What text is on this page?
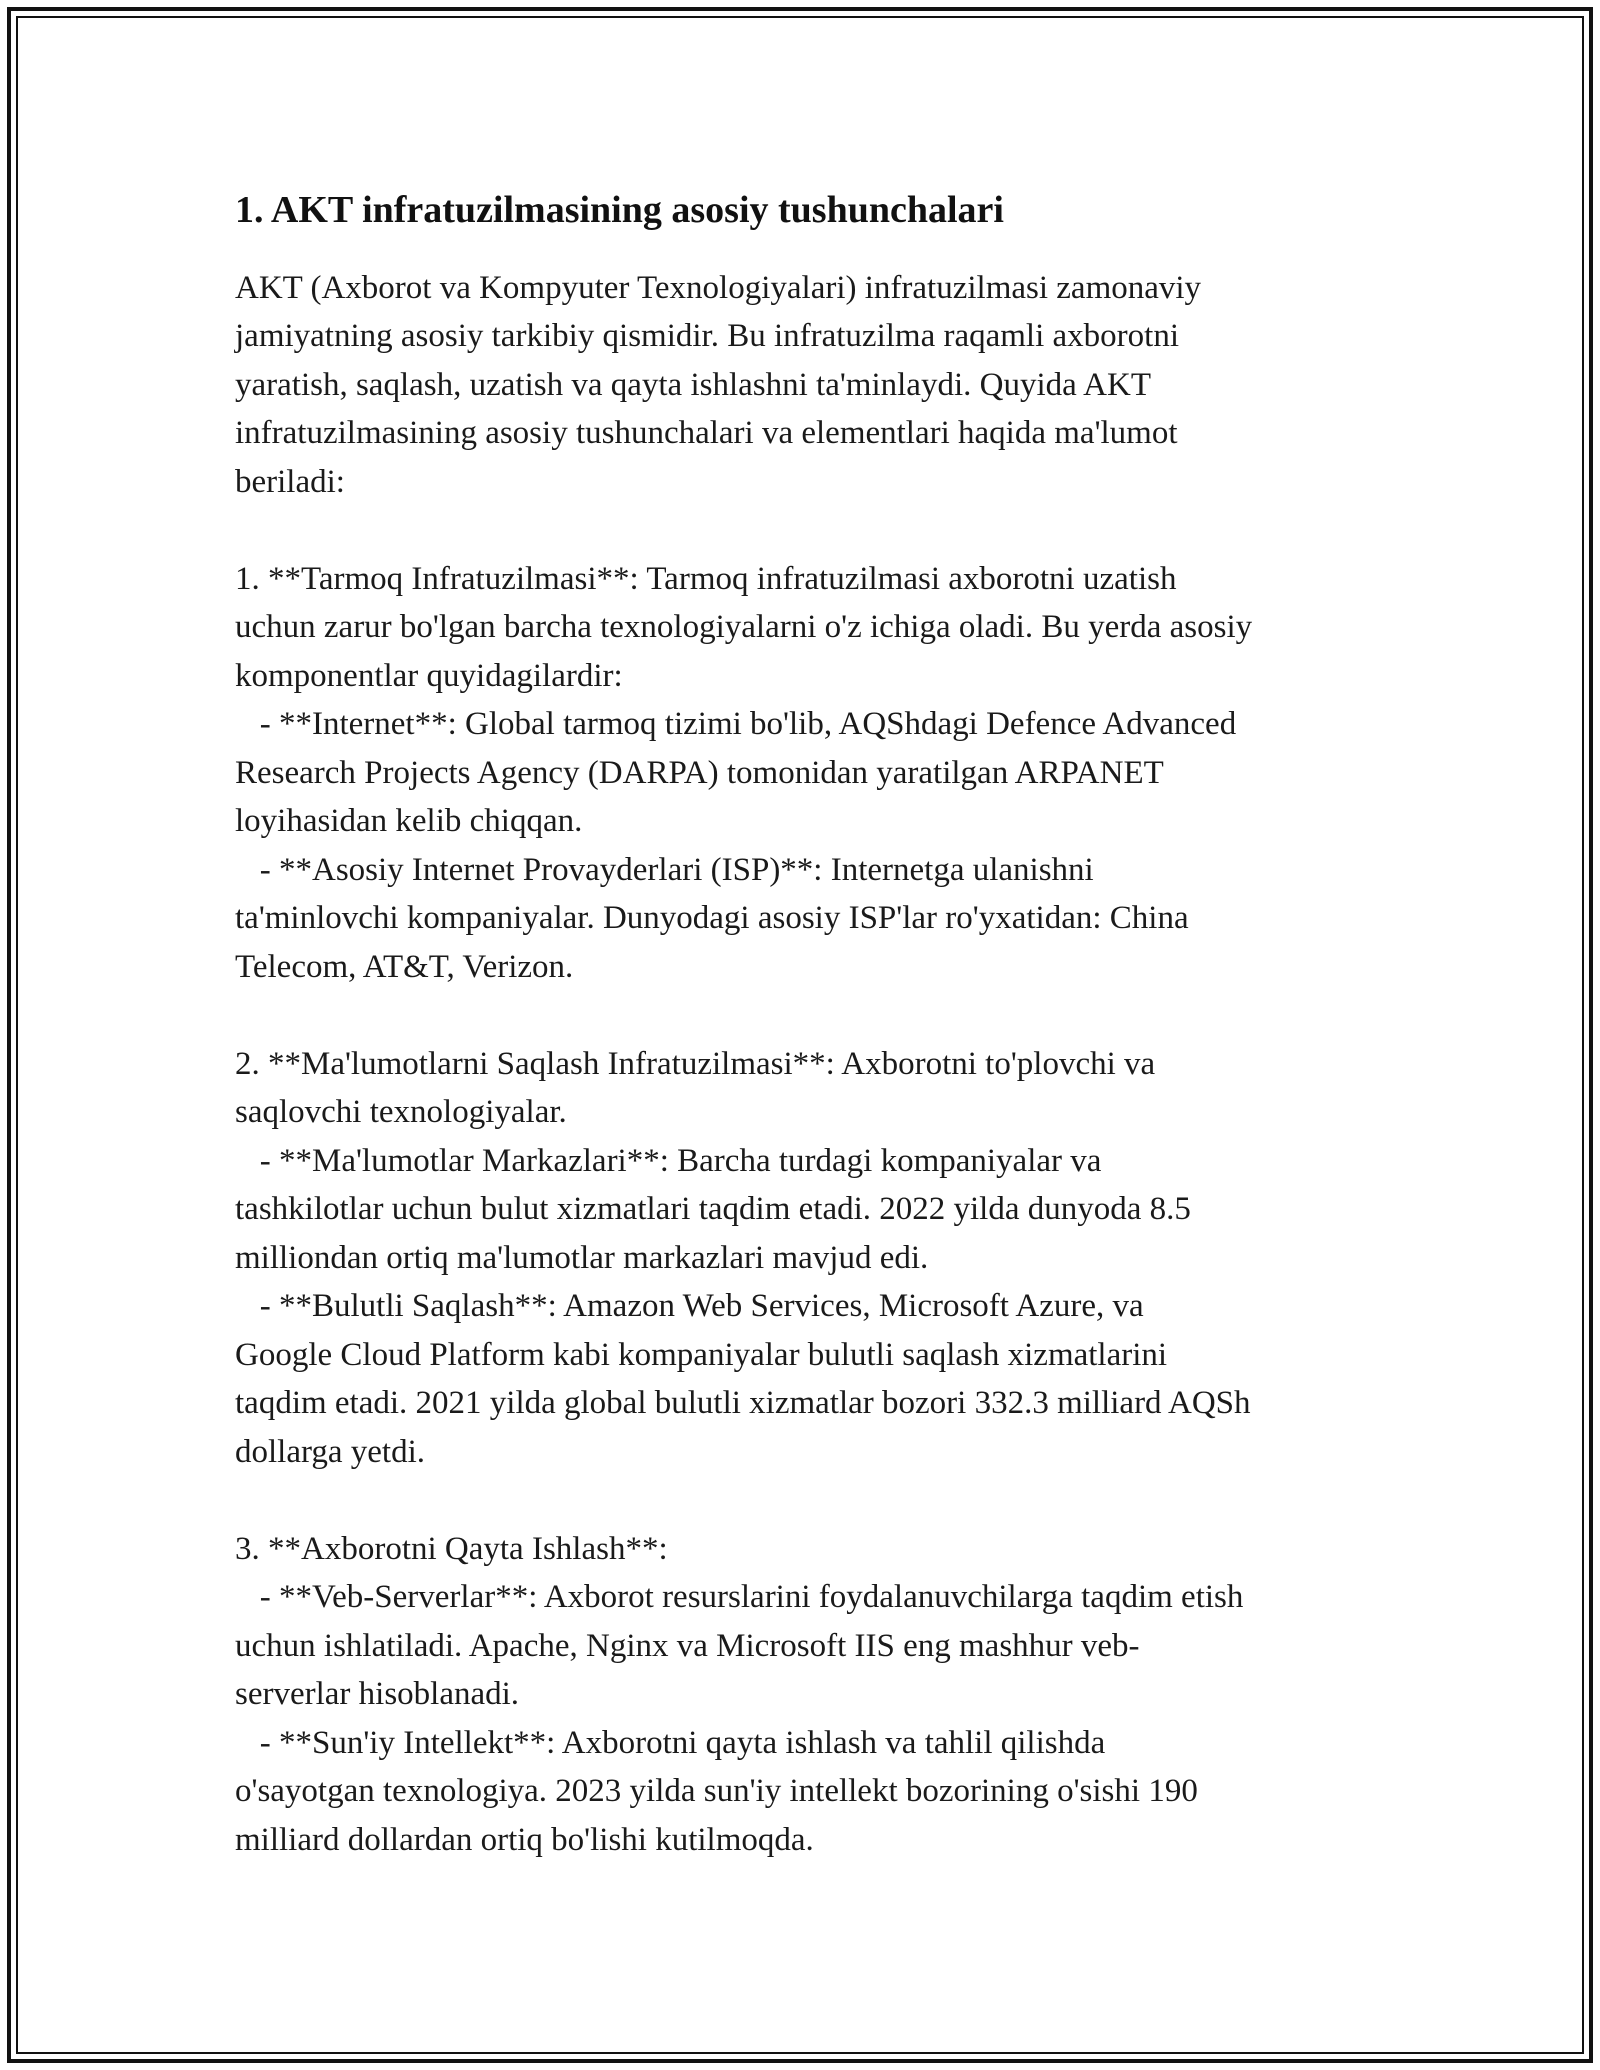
1. AKT infratuzilmasining asosiy tushunchalari

AKT (Axborot va Kompyuter Texnologiyalari) infratuzilmasi zamonaviy
jamiyatning asosiy tarkibiy qismidir. Bu infratuzilma raqamli axborotni
yaratish, saqlash, uzatish va qayta ishlashni ta'minlaydi. Quyida AKT
infratuzilmasining asosiy tushunchalari va elementlari haqida ma'lumot
beriladi:

1. **Tarmoq Infratuzilmasi**: Tarmoq infratuzilmasi axborotni uzatish
uchun zarur bo'lgan barcha texnologiyalarni o'z ichiga oladi. Bu yerda asosiy
komponentlar quyidagilardir:
- **Internet**: Global tarmoq tizimi bo'lib, AQShdagi Defence Advanced
Research Projects Agency (DARPA) tomonidan yaratilgan ARPANET
loyihasidan kelib chiqqan.
- **Asosiy Internet Provayderlari (ISP)**: Internetga ulanishni
ta'minlovchi kompaniyalar. Dunyodagi asosiy ISP'lar ro'yxatidan: China
Telecom, AT&T, Verizon.

2. **Ma'lumotlarni Saqlash Infratuzilmasi**: Axborotni to'plovchi va
saqlovchi texnologiyalar.
- **Ma'lumotlar Markazlari**: Barcha turdagi kompaniyalar va
tashkilotlar uchun bulut xizmatlari taqdim etadi. 2022 yilda dunyoda 8.5
milliondan ortiq ma'lumotlar markazlari mavjud edi.
- **Bulutli Saqlash**: Amazon Web Services, Microsoft Azure, va
Google Cloud Platform kabi kompaniyalar bulutli saqlash xizmatlarini
taqdim etadi. 2021 yilda global bulutli xizmatlar bozori 332.3 milliard AQSh
dollarga yetdi.

3. **Axborotni Qayta Ishlash**:
- **Veb-Serverlar**: Axborot resurslarini foydalanuvchilarga taqdim etish
uchun ishlatiladi. Apache, Nginx va Microsoft IIS eng mashhur veb-
serverlar hisoblanadi.
- **Sun'iy Intellekt**: Axborotni qayta ishlash va tahlil qilishda
o'sayotgan texnologiya. 2023 yilda sun'iy intellekt bozorining o'sishi 190
milliard dollardan ortiq bo'lishi kutilmoqda.
